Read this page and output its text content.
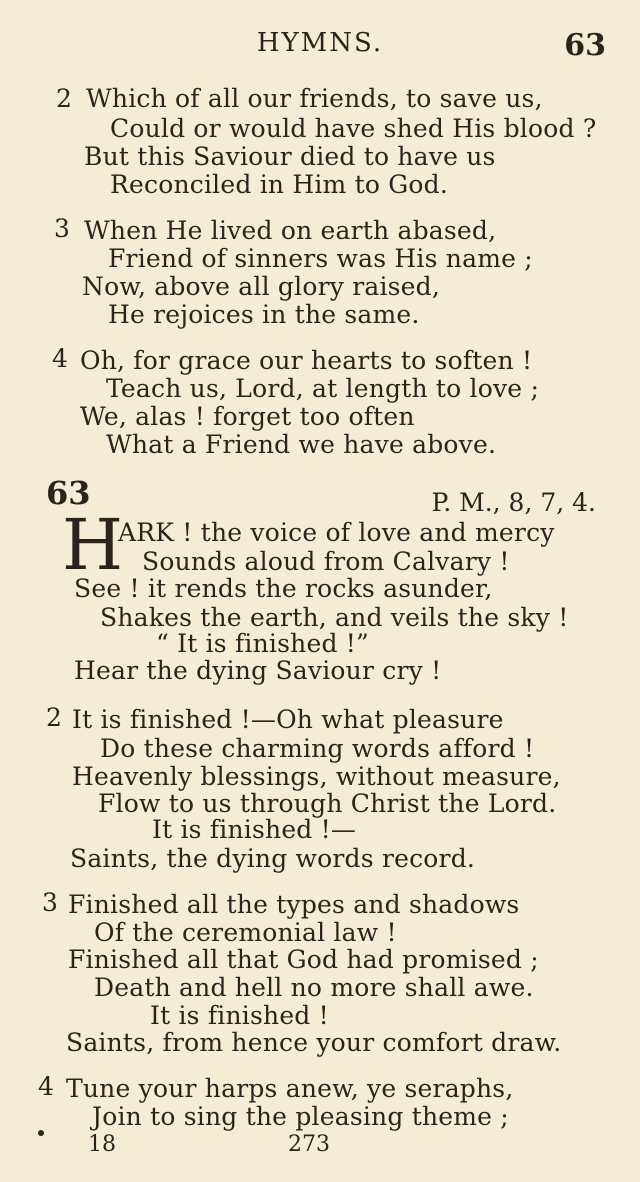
HYMNS.	63
2 Which of all our friends, to save us,
Could or would have shed His blood ?
But this Saviour died to have us
Reconciled in Him to God.
3 When He lived on earth abased,
Friend of sinners was His name ;
Now, above all glory raised,
He rejoices in the same.
4 Oh, for grace our hearts to soften !
Teach us, Lord, at length to love ;
We, alas ! forget too often
What a Friend we have above.
63	P. M., 8, 7, 4.
H
ARK ! the voice of love and mercy
Sounds aloud from Calvary !
See ! it rends the rocks asunder,
Shakes the earth, and veils the sky !
“ It is finished !”
Hear the dying Saviour cry !
2 It is finished !—Oh what pleasure
Do these charming words afford !
Heavenly blessings, without measure,
Flow to us through Christ the Lord.
It is finished !—
Saints, the dying words record.
3 Finished all the types and shadows
Of the ceremonial law !
Finished all that God had promised ;
Death and hell no more shall awe.
It is finished !
Saints, from hence your comfort draw.
4 Tune your harps anew, ye seraphs,
Join to sing the pleasing theme ;
18	273
